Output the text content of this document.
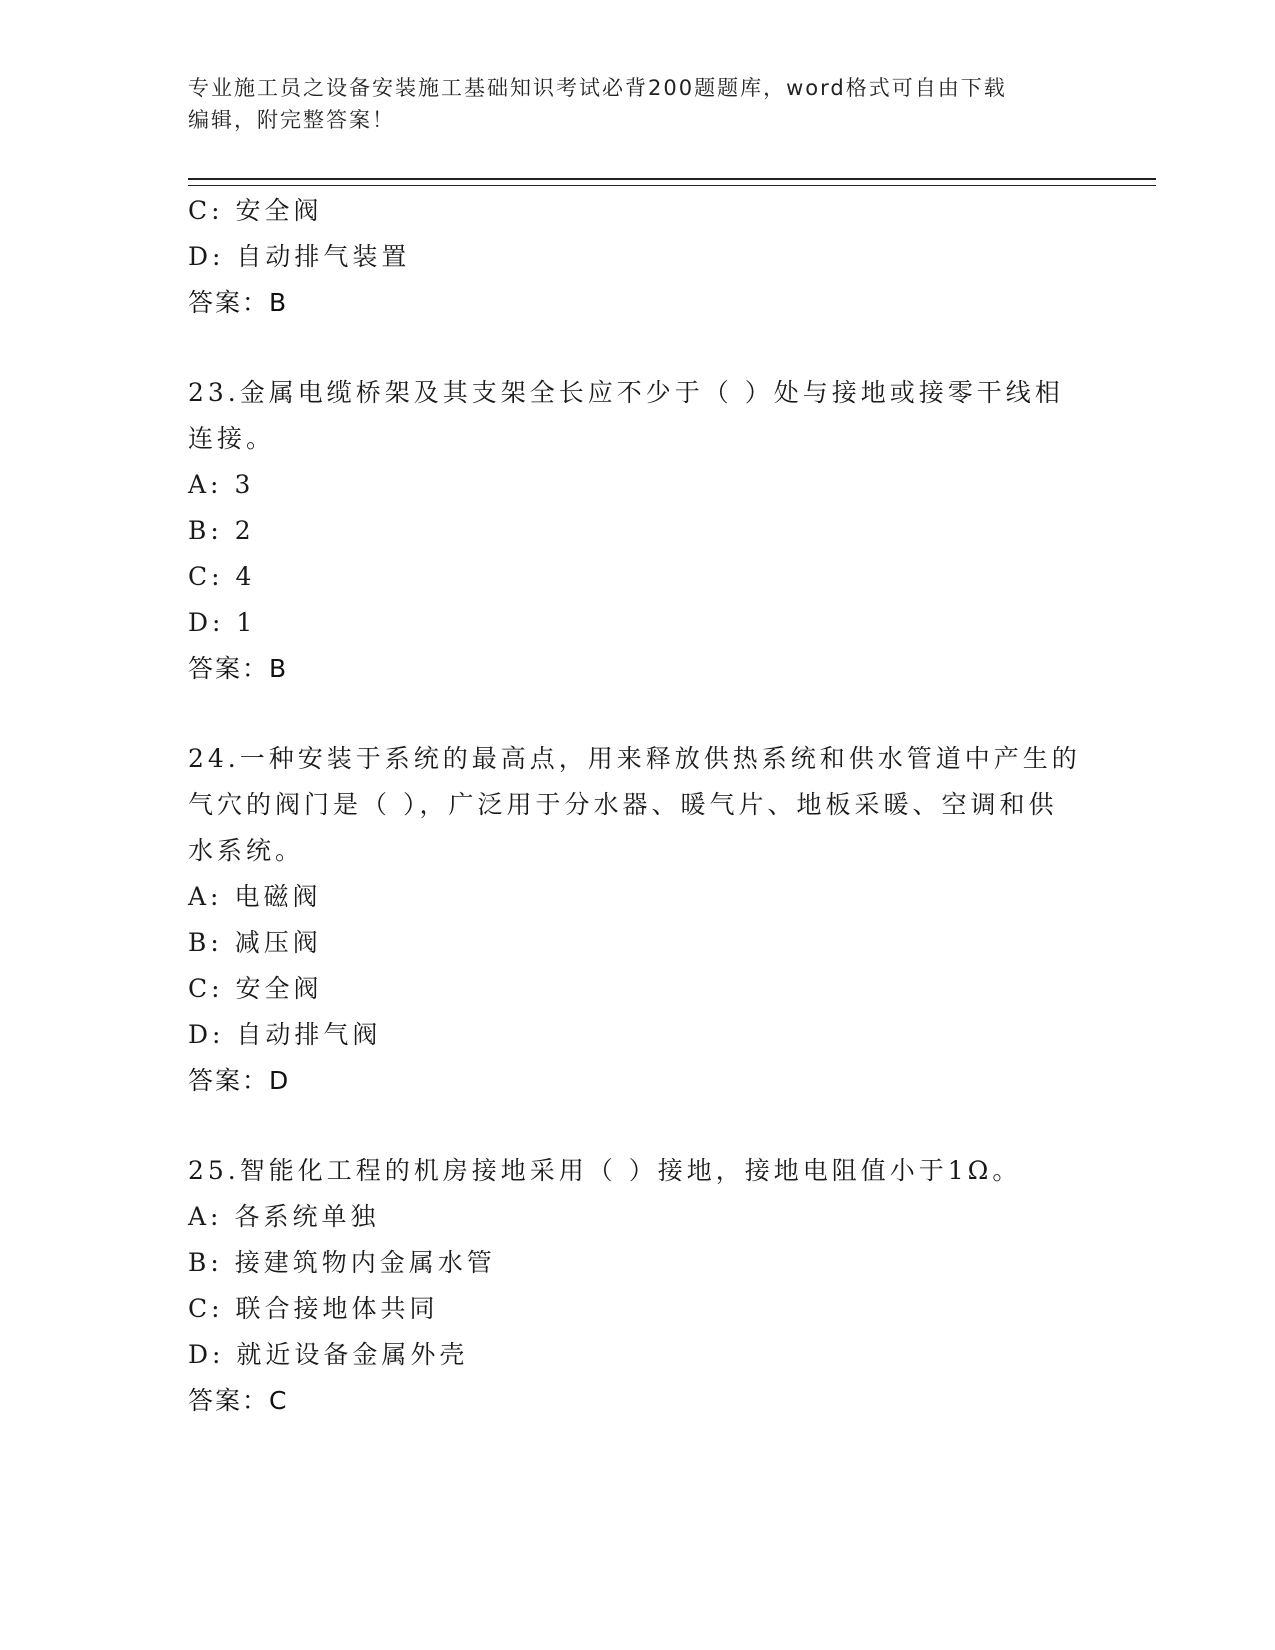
专业施工员之设备安装施工基础知识考试必背200题题库，word格式可自由下载
编辑，附完整答案！
C: 安全阀
D: 自动排气装置
答案：B
23.金属电缆桥架及其支架全长应不少于（ ）处与接地或接零干线相
连接。
A: 3
B: 2
C: 4
D: 1
答案：B
24.一种安装于系统的最高点，用来释放供热系统和供水管道中产生的
气穴的阀门是（ ），广泛用于分水器、暖气片、地板采暖、空调和供
水系统。
A: 电磁阀
B: 减压阀
C: 安全阀
D: 自动排气阀
答案：D
25.智能化工程的机房接地采用（ ）接地，接地电阻值小于1Ω。
A: 各系统单独
B: 接建筑物内金属水管
C: 联合接地体共同
D: 就近设备金属外壳
答案：C
